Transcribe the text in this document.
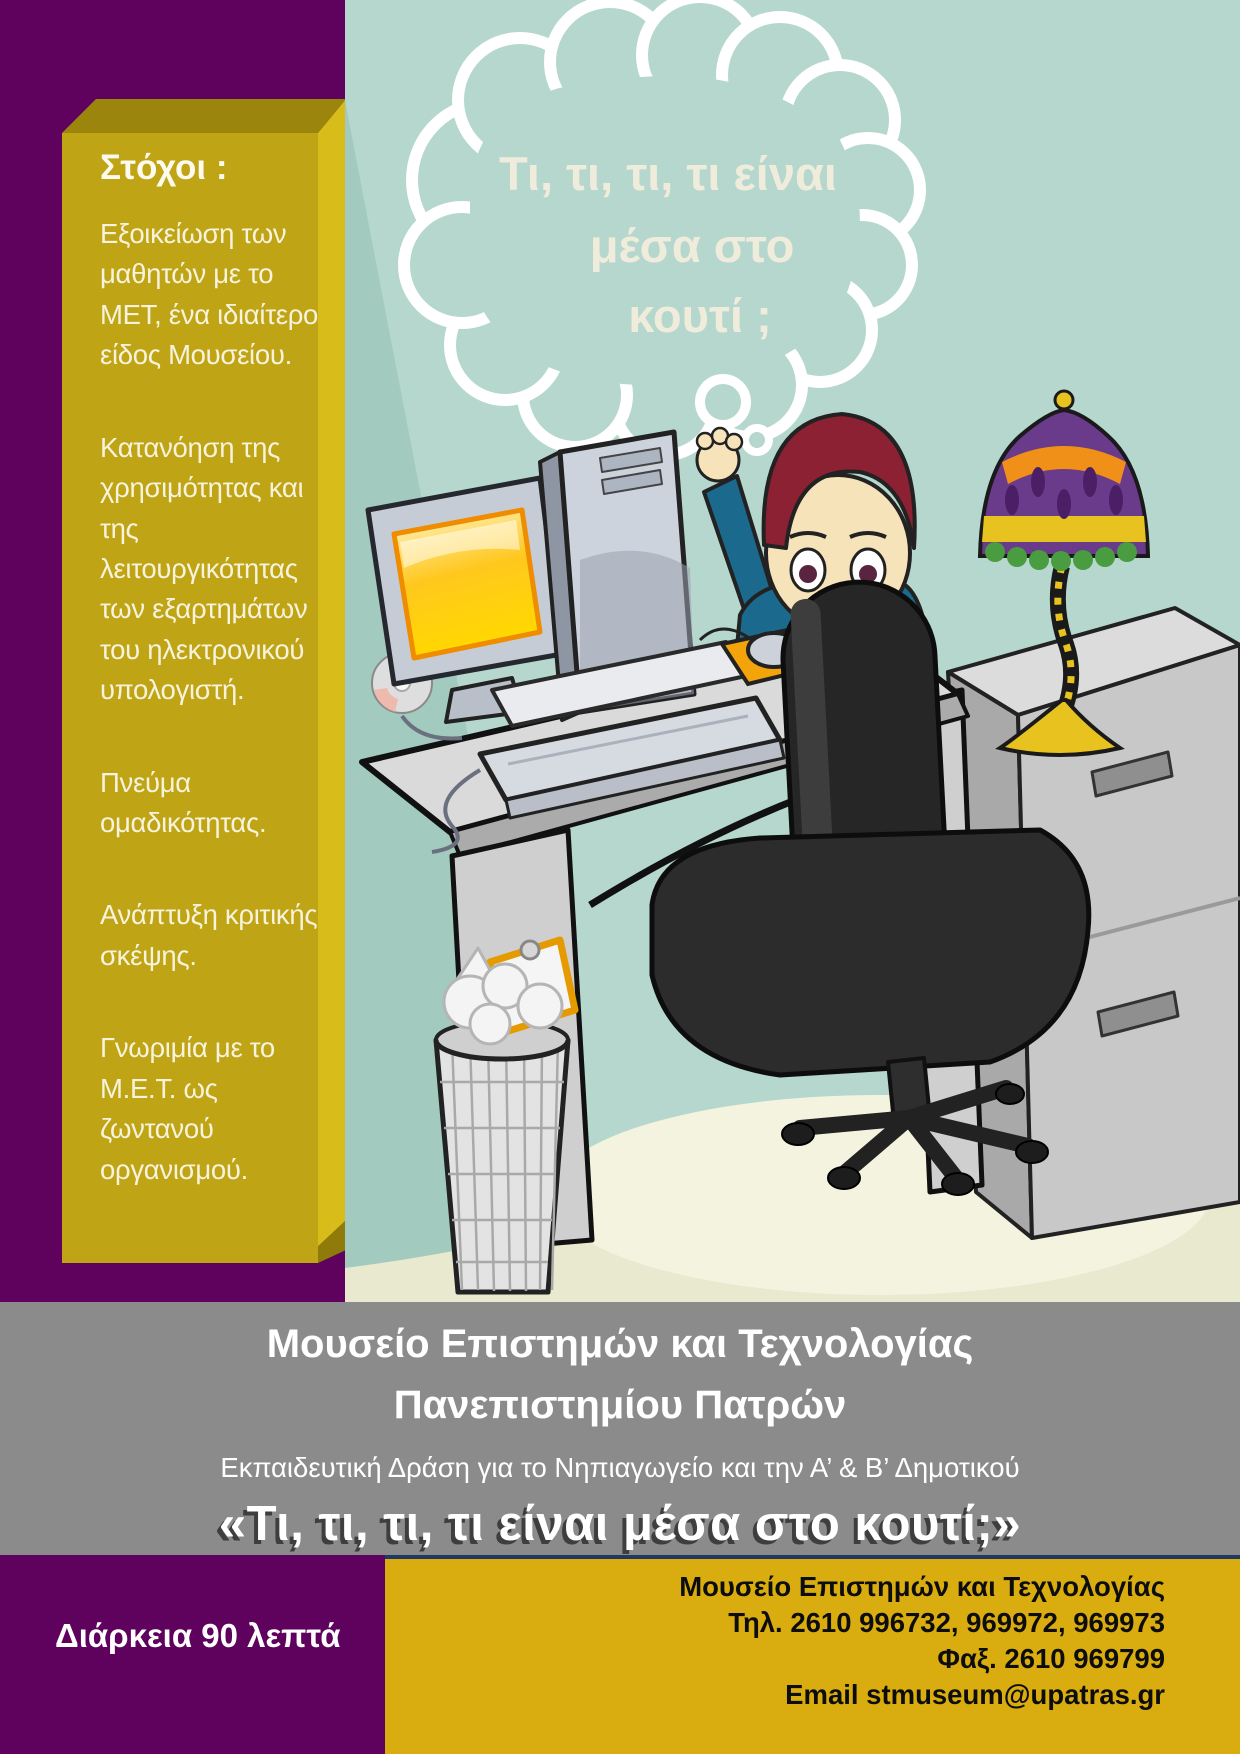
Στόχοι :

Εξοικείωση των μαθητών με το ΜΕΤ, ένα ιδιαίτερο είδος Μουσείου.

Κατανόηση της χρησιμότητας και της λειτουργικότητας των εξαρτημάτων του ηλεκτρονικού υπολογιστή.

Πνεύμα ομαδικότητας.

Ανάπτυξη κριτικής σκέψης.

Γνωριμία με το Μ.Ε.Τ. ως ζωντανού οργανισμού.

Τι, τι, τι, τι είναι
μέσα στο
κουτί ;
Μουσείο Επιστημών και Τεχνολογίας
Πανεπιστημίου Πατρών
Εκπαιδευτική Δράση για το Νηπιαγωγείο και την Α’ & Β’ Δημοτικού
«Τι, τι, τι, τι είναι μέσα στο κουτί;»
Διάρκεια 90 λεπτά
Μουσείο Επιστημών και Τεχνολογίας
Τηλ. 2610 996732, 969972, 969973
Φαξ. 2610 969799
Email stmuseum@upatras.gr
